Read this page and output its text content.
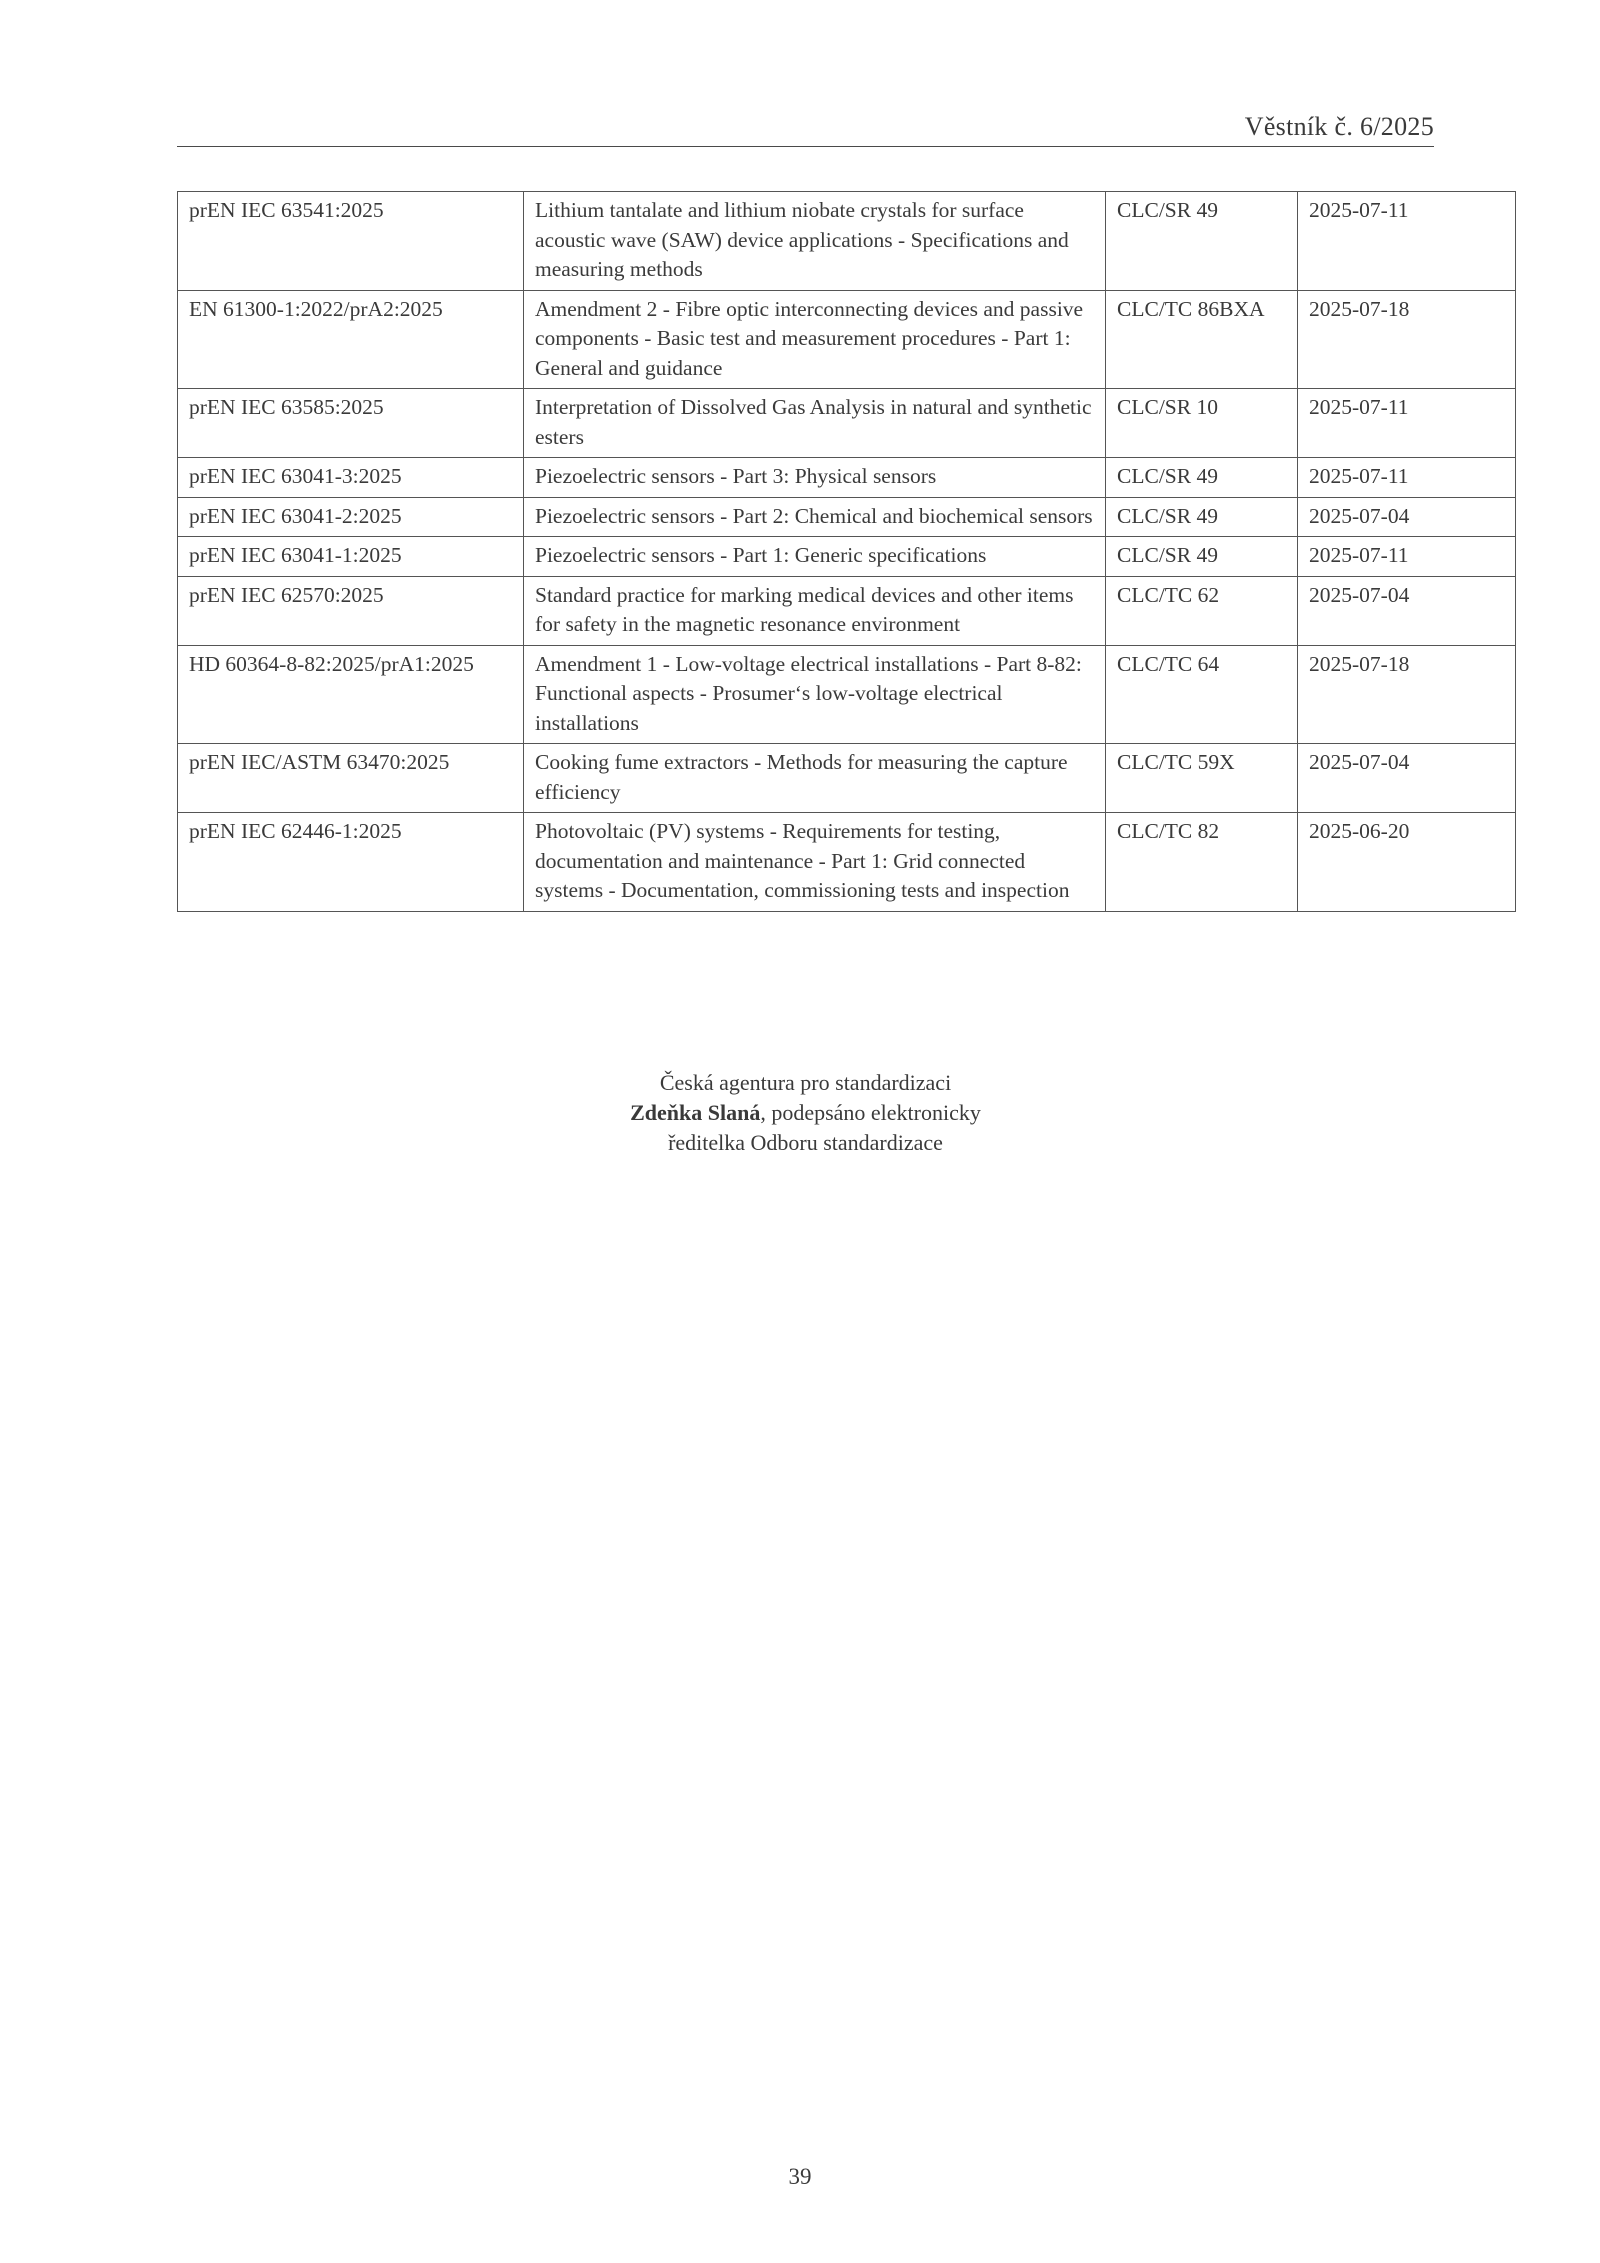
Věstník č. 6/2025
prEN IEC 63541:2025	Lithium tantalate and lithium niobate crystals for surface acoustic wave (SAW) device applications - Specifications and measuring methods	CLC/SR 49	2025-07-11
EN 61300-1:2022/prA2:2025	Amendment 2 - Fibre optic interconnecting devices and passive components - Basic test and measurement procedures - Part 1: General and guidance	CLC/TC 86BXA	2025-07-18
prEN IEC 63585:2025	Interpretation of Dissolved Gas Analysis in natural and synthetic esters	CLC/SR 10	2025-07-11
prEN IEC 63041-3:2025	Piezoelectric sensors - Part 3: Physical sensors	CLC/SR 49	2025-07-11
prEN IEC 63041-2:2025	Piezoelectric sensors - Part 2: Chemical and biochemical sensors	CLC/SR 49	2025-07-04
prEN IEC 63041-1:2025	Piezoelectric sensors - Part 1: Generic specifications	CLC/SR 49	2025-07-11
prEN IEC 62570:2025	Standard practice for marking medical devices and other items for safety in the magnetic resonance environment	CLC/TC 62	2025-07-04
HD 60364-8-82:2025/prA1:2025	Amendment 1 - Low-voltage electrical installations - Part 8-82: Functional aspects - Prosumer‘s low-voltage electrical installations	CLC/TC 64	2025-07-18
prEN IEC/ASTM 63470:2025	Cooking fume extractors - Methods for measuring the capture efficiency	CLC/TC 59X	2025-07-04
prEN IEC 62446-1:2025	Photovoltaic (PV) systems - Requirements for testing, documentation and maintenance - Part 1: Grid connected systems - Documentation, commissioning tests and inspection	CLC/TC 82	2025-06-20
Česká agentura pro standardizaci
Zdeňka Slaná, podepsáno elektronicky
ředitelka Odboru standardizace
39
